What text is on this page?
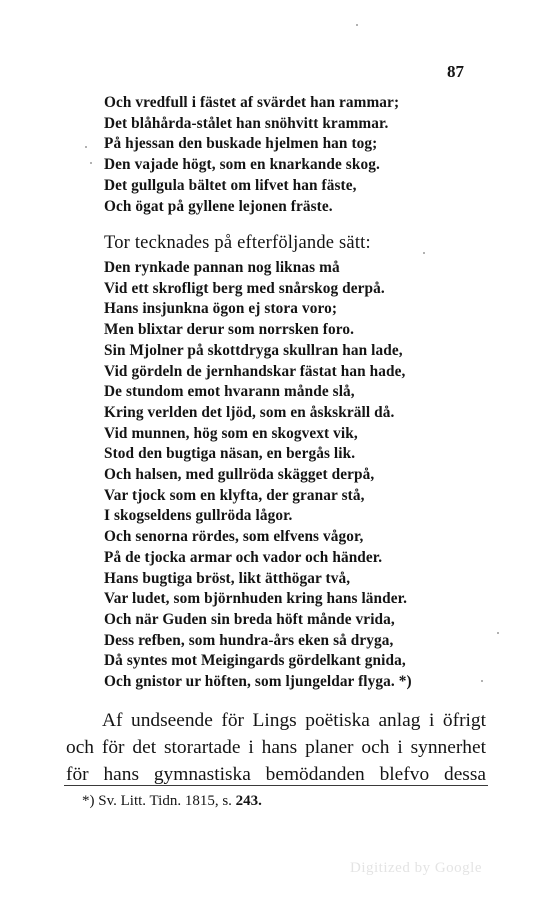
87
Och vredfull i fästet af svärdet han rammar;
Det blåhårda-stålet han snöhvitt krammar.
På hjessan den buskade hjelmen han tog;
Den vajade högt, som en knarkande skog.
Det gullgula bältet om lifvet han fäste,
Och ögat på gyllene lejonen fräste.
Tor tecknades på efterföljande sätt:
Den rynkade pannan nog liknas må
Vid ett skrofligt berg med snårskog derpå.
Hans insjunkna ögon ej stora voro;
Men blixtar derur som norrsken foro.
Sin Mjolner på skottdryga skullran han lade,
Vid gördeln de jernhandskar fästat han hade,
De stundom emot hvarann månde slå,
Kring verlden det ljöd, som en åskskräll då.
Vid munnen, hög som en skogvext vik,
Stod den bugtiga näsan, en bergås lik.
Och halsen, med gullröda skägget derpå,
Var tjock som en klyfta, der granar stå,
I skogseldens gullröda lågor.
Och senorna rördes, som elfvens vågor,
På de tjocka armar och vador och händer.
Hans bugtiga bröst, likt ätthögar två,
Var ludet, som björnhuden kring hans länder.
Och när Guden sin breda höft månde vrida,
Dess refben, som hundra-års eken så dryga,
Då syntes mot Meigingards gördelkant gnida,
Och gnistor ur höften, som ljungeldar flyga. *)
Af undseende för Lings poëtiska anlag i öfrigt
och för det storartade i hans planer och i synnerhet
för hans gymnastiska bemödanden blefvo dessa
*) Sv. Litt. Tidn. 1815, s. 243.
Digitized by Google
